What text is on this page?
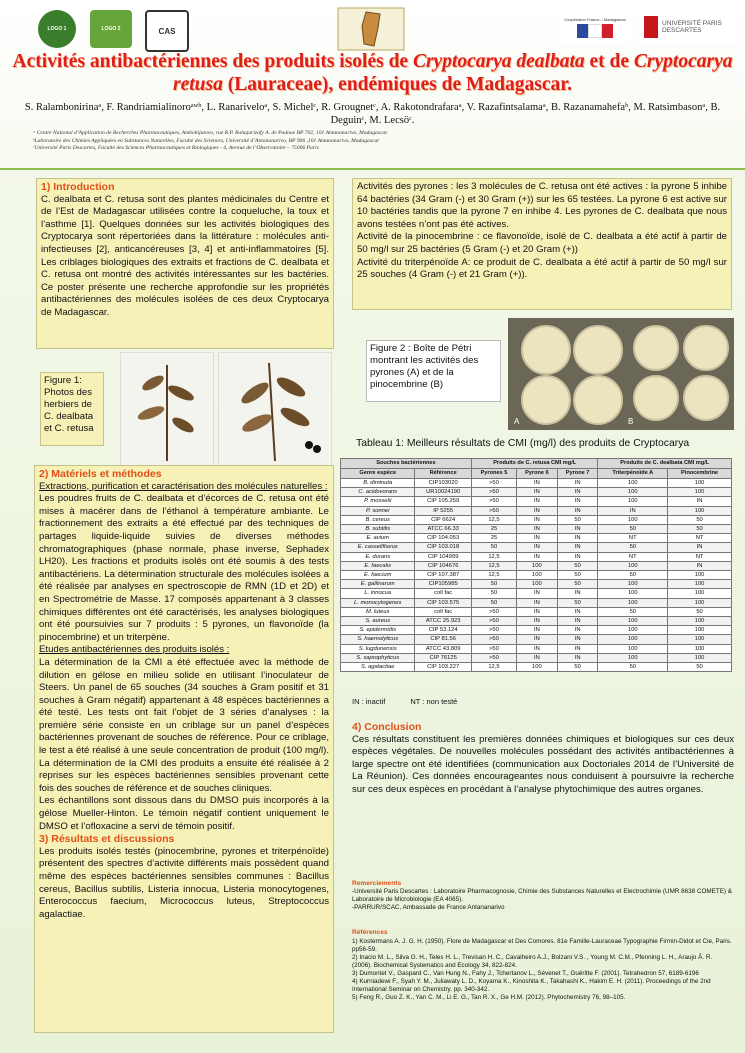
LOGO 1	LOGO 2	CAS
Coopération France – Madagascar
UNIVERSITÉ PARIS DESCARTES
Activités antibactériennes des produits isolés de Cryptocarya dealbata et de Cryptocarya retusa (Lauraceae), endémiques de Madagascar.
S. Ralambonirinaᵃ, F. Randriamialinoroᵃʷᵇ, L. Ranariveloᵃ, S. Michelᶜ, R. Grougnetᶜ, A. Rakotondrafaraᵃ, V. Razafintsalamaᵃ, B. Razanamahefaᵇ, M. Ratsimbasonᵃ, B. Deguinᶜ, M. Lecsöᶜ.
ᵃ Centre National d’Application de Recherches Pharmaceutiques, Ambohijatovo, rue R.P. Rahajarizafy A. de Padoue BP 702, 101 Antananarivo, Madagascar.
ᵇLaboratoire des Chimies Appliquées en Substances Naturelles, Faculté des Sciences, Université d’Antananarivo, BP 906 ,101 Antananarivo, Madagascar
ᶜUniversité Paris Descartes, Faculté des Sciences Pharmaceutiques et Biologiques - 4, Avenue de l’Observatoire – 75006 Paris
1) Introduction
C. dealbata et C. retusa sont des plantes médicinales du Centre et de l’Est de Madagascar utilisées contre la coqueluche, la toux et l’asthme [1]. Quelques données sur les activités biologiques des Cryptocarya sont répertoriées dans la littérature : molécules anti-infectieuses [2], anticancéreuses [3, 4] et anti-inflammatoires [5]. Les criblages biologiques des extraits et fractions de C. dealbata et C. retusa ont montré des activités intéressantes sur les bactéries. Ce poster présente une recherche approfondie sur les propriétés antibactériennes des molécules isolées de ces deux Cryptocarya de Madagascar.
Figure 1: Photos des herbiers de C. dealbata et C. retusa
2) Matériels et méthodes
Extractions, purification et caractérisation des molécules naturelles :
Les poudres fruits de C. dealbata et d’écorces de C. retusa ont été mises à macérer dans de l’éthanol à température ambiante. Le fractionnement des extraits a été effectué par des techniques de partages liquide-liquide suivies de diverses méthodes chromatographiques (phase normale, phase inverse, Sephadex LH20). Les fractions et produits isolés ont été soumis à des tests antibactériens. La détermination structurale des molécules isolées a été réalisée par analyses en spectroscopie de RMN (1D et 2D) et en Spectrométrie de Masse. 17 composés appartenant à 3 classes chimiques différentes ont été caractérisés, les analyses biologiques ont été poursuivies sur 7 produits : 5 pyrones, un flavonoïde (la pinocembrine) et un triterpène.
Etudes antibactériennes des produits isolés :
La détermination de la CMI a été effectuée avec la méthode de dilution en gélose en milieu solide en utilisant l’inoculateur de Steers. Un panel de 65 souches (34 souches à Gram positif et 31 souches à Gram négatif) appartenant à 48 espèces bactériennes a été testé. Les tests ont fait l’objet de 3 séries d’analyses : la première série consiste en un criblage sur un panel d’espèces bactériennes provenant de souches de référence. Pour ce criblage, le test a été réalisé à une seule concentration de produit (100 mg/l). La détermination de la CMI des produits a ensuite été réalisée à 2 reprises sur les espèces bactériennes sensibles provenant cette fois des souches de référence et de souches cliniques.
Les échantillons sont dissous dans du DMSO puis incorporés à la gélose Mueller-Hinton. Le témoin négatif contient uniquement le DMSO et l’ofloxacine a servi de témoin positif.
3) Résultats et discussions
Les produits isolés testés (pinocembrine, pyrones et triterpénoïde) présentent des spectres d’activité différents mais possèdent quand même des espèces bactériennes sensibles communes : Bacillus cereus, Bacillus subtilis, Listeria innocua, Listeria monocytogenes, Enterococcus faecium, Micrococcus luteus, Streptococcus agalactiae.
Activités des pyrones : les 3 molécules de C. retusa ont été actives : la pyrone 5 inhibe 64 bactéries (34 Gram (-) et 30 Gram (+)) sur les 65 testées. La pyrone 6 est active sur 10 bactéries tandis que la pyrone 7 en inhibe 4. Les pyrones de C. dealbata que nous avons testées n’ont pas été actives.
Activité de la pinocembrine : ce flavonoïde, isolé de C. dealbata a été actif à partir de 50 mg/l sur 25 bactéries (5 Gram (-) et 20 Gram (+))
Activité du triterpénoïde A: ce produit de C. dealbata a été actif à partir de 50 mg/l sur 25 souches (4 Gram (-) et 21 Gram (+)).
Figure 2 : Boîte de Pétri montrant les activités des pyrones (A) et de la pinocembrine (B)
A	B
Tableau 1: Meilleurs résultats de CMI (mg/l) des produits de Cryptocarya
Souches bactériennes		Produits de C. retusa CMI mg/L			Produits de C. dealbata CMI mg/L	
Genre espèce	Référence	Pyrones 5	Pyrone 6	Pyrone 7	Triterpénoïde A	Pinocembrine
B. diminuta	CIP103020	>50	IN	IN	100	100
C. acidovorans	UR10024190	>50	IN	IN	100	100
P. mosselii	CIP 105.259	>50	IN	IN	100	IN
P. sonnei	IP 5255	>50	IN	IN	IN	100
B. cereus	CIP 6624	12,5	IN	50	100	50
B. subtilis	ATCC 66.33	25	IN	IN	50	50
E. avium	CIP 104.053	25	IN	IN	NT	NT
E. casseliflavus	CIP 103.018	50	IN	IN	50	IN
E. durans	CIP 104999	12,5	IN	IN	NT	NT
E. faecalis	CIP 104676	12,5	100	50	100	IN
E. faecium	CIP 107.387	12,5	100	50	50	100
E. gallinarum	CIP105985	50	100	50	100	100
L. innocua	coll fac	50	IN	IN	100	100
L. monocytogenes	CIP 103.575	50	IN	50	100	100
M. luteus	coll fac	>50	IN	IN	50	50
S. aureus	ATCC 25.923	>50	IN	IN	100	100
S. epidermidis	CIP 53.124	>50	IN	IN	100	100
S. haemolyticus	CIP 81.56	>50	IN	IN	100	100
S. lugdunensis	ATCC 43.809	>50	IN	IN	100	100
S. saprophyticus	CIP 76125	>50	IN	IN	100	100
S. agalactiae	CIP 103.227	12,5	100	50	50	50
IN : inactif	NT : non testé
4) Conclusion
Ces résultats constituent les premières données chimiques et biologiques sur ces deux espèces végétales. De nouvelles molécules possédant des activités antibactériennes à large spectre ont été identifiées (communication aux Doctoriales 2014 de l’Université de La Réunion). Ces données encourageantes nous conduisent à poursuivre la recherche sur ces deux espèces en procédant à l’analyse phytochimique des autres organes.
Remerciements
-Université Paris Descartes : Laboratoire Pharmacognosie, Chimie des Substances Naturelles et Electrochimie (UMR 8638 COMETE) & Laboratoire de Microbiologie (EA 4065).
-PARRUR/SCAC, Ambassade de France Antananarivo
Références
1) Kostermans A. J. G. H. (1950). Flore de Madagascar et Des Comores. 81e Famille-Lauraceae Typographie Firmin-Didot et Cie, Paris. pp56-59.
2) Inacio M. L., Silva G. H., Teles H. L., Trevisan H. C., Cavalheiro A.J., Bolzani V.S. , Young M. C.M., Pfenning L. H., Araujo Â. R. (2006). Biochemical Systematics and Ecology 34, 822-824.
3) Dumontet V., Gaspard C., Van Hung N., Fahy J., Tchertanov L., Sévenet T., Guéritte F. (2001). Tetrahedron 57, 6189-6196
4) Kurniadewi F., Syah Y. M., Juliawaty L. D., Koyama K., Kinoshita K., Takahashi K., Hakim E. H. (2011). Proceedings of the 2nd International Seminar on Chemistry. pp. 340-342.
5) Feng R., Guo Z. K., Yan C. M., Li E. G., Tan R. X., Ge H.M. (2012). Phytochemistry 76, 98–105.
